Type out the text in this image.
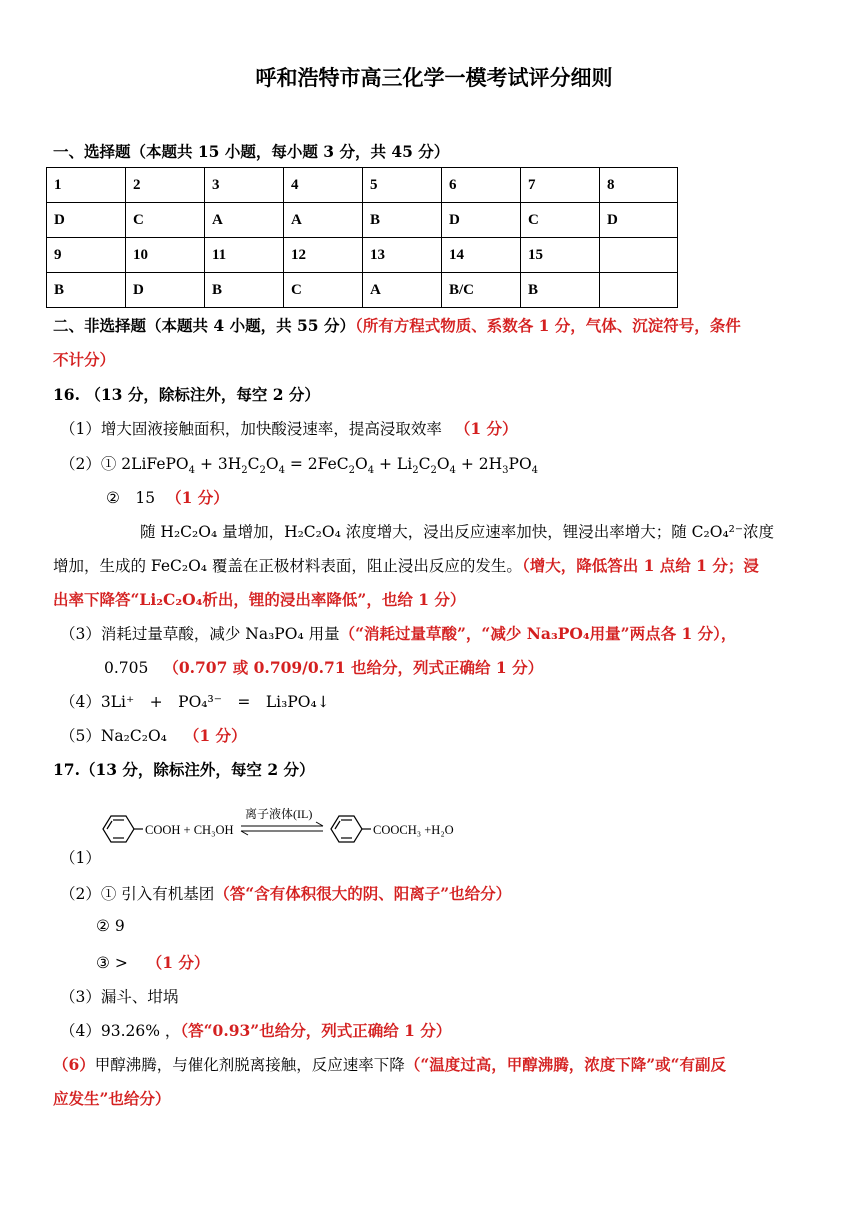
呼和浩特市高三化学一模考试评分细则
一、选择题（本题共 15 小题，每小题 3 分，共 45 分）
1	2	3	4	5	6	7	8
D	C	A	A	B	D	C	D
9	10	11	12	13	14	15	
B	D	B	C	A	B/C	B	
二、非选择题（本题共 4 小题，共 55 分）（所有方程式物质、系数各 1 分，气体、沉淀符号，条件
不计分）
16. （13 分，除标注外，每空 2 分）
（1）增大固液接触面积，加快酸浸速率，提高浸取效率 （1 分）
（2）① 2LiFePO$_4$ + $3H_2C_2O_4 = 2FeC_2O_4 + Li_2C_2O_4 + 2H_3PO_4$
②　15 （1 分）
随 H₂C₂O₄ 量增加，H₂C₂O₄ 浓度增大，浸出反应速率加快，锂浸出率增大；随 C₂O₄²⁻浓度
增加，生成的 FeC₂O₄ 覆盖在正极材料表面，阻止浸出反应的发生。（增大，降低答出 1 点给 1 分；浸
出率下降答“Li₂C₂O₄析出，锂的浸出率降低”，也给 1 分）
（3）消耗过量草酸，减少 Na₃PO₄ 用量（“消耗过量草酸”，“减少 Na₃PO₄用量”两点各 1 分），
0.705 （0.707 或 0.709/0.71 也给分，列式正确给 1 分）
（4）3Li⁺　+　PO₄³⁻　=　Li₃PO₄↓
（5）Na₂C₂O₄ （1 分）
17.（13 分，除标注外，每空 2 分）
COOH + CH₃OH
离子液体(IL)
COOCH₃ +H₂O
（1）
（2）① 引入有机基团（答“含有体积很大的阴、阳离子”也给分）
② 9
③ > （1 分）
（3）漏斗、坩埚
（4）93.26% ，（答“0.93”也给分，列式正确给 1 分）
（6）甲醇沸腾，与催化剂脱离接触，反应速率下降（“温度过高，甲醇沸腾，浓度下降”或“有副反
应发生”也给分）
